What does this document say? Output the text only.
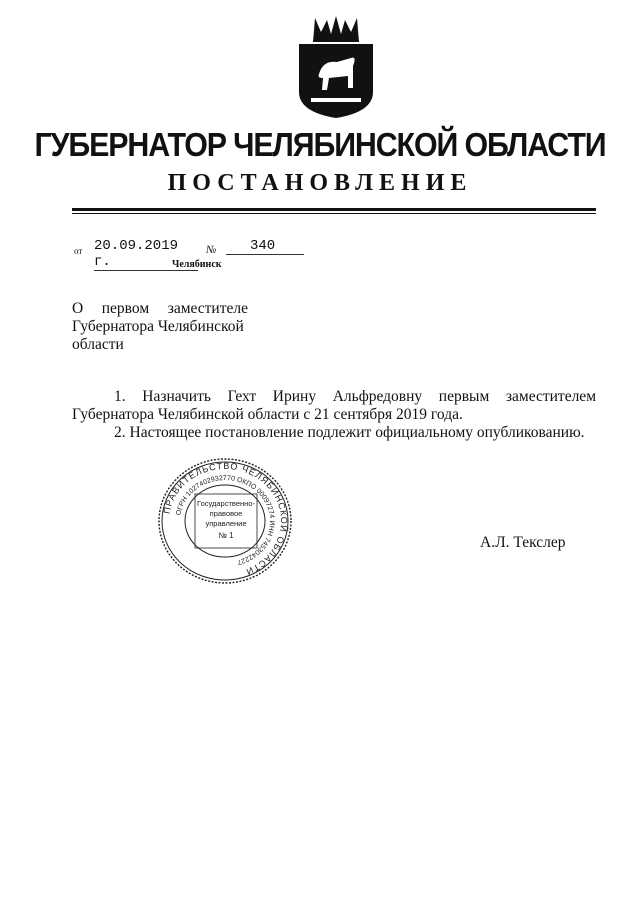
ГУБЕРНАТОР ЧЕЛЯБИНСКОЙ ОБЛАСТИ
ПОСТАНОВЛЕНИЕ
от 20.09.2019 г.
№	340
Челябинск
О первом заместителе
Губернатора Челябинской
области
1. Назначить Гехт Ирину Альфредовну первым заместителем Губернатора Челябинской области с 21 сентября 2019 года.
2. Настоящее постановление подлежит официальному опубликованию.
ПРАВИТЕЛЬСТВО ЧЕЛЯБИНСКОЙ ОБЛАСТИ
ОГРН 1027402932770 ОКПО 00097274 ИНН 7453042227
Государственно-
правовое
управление
№ 1	А.Л. Текслер
